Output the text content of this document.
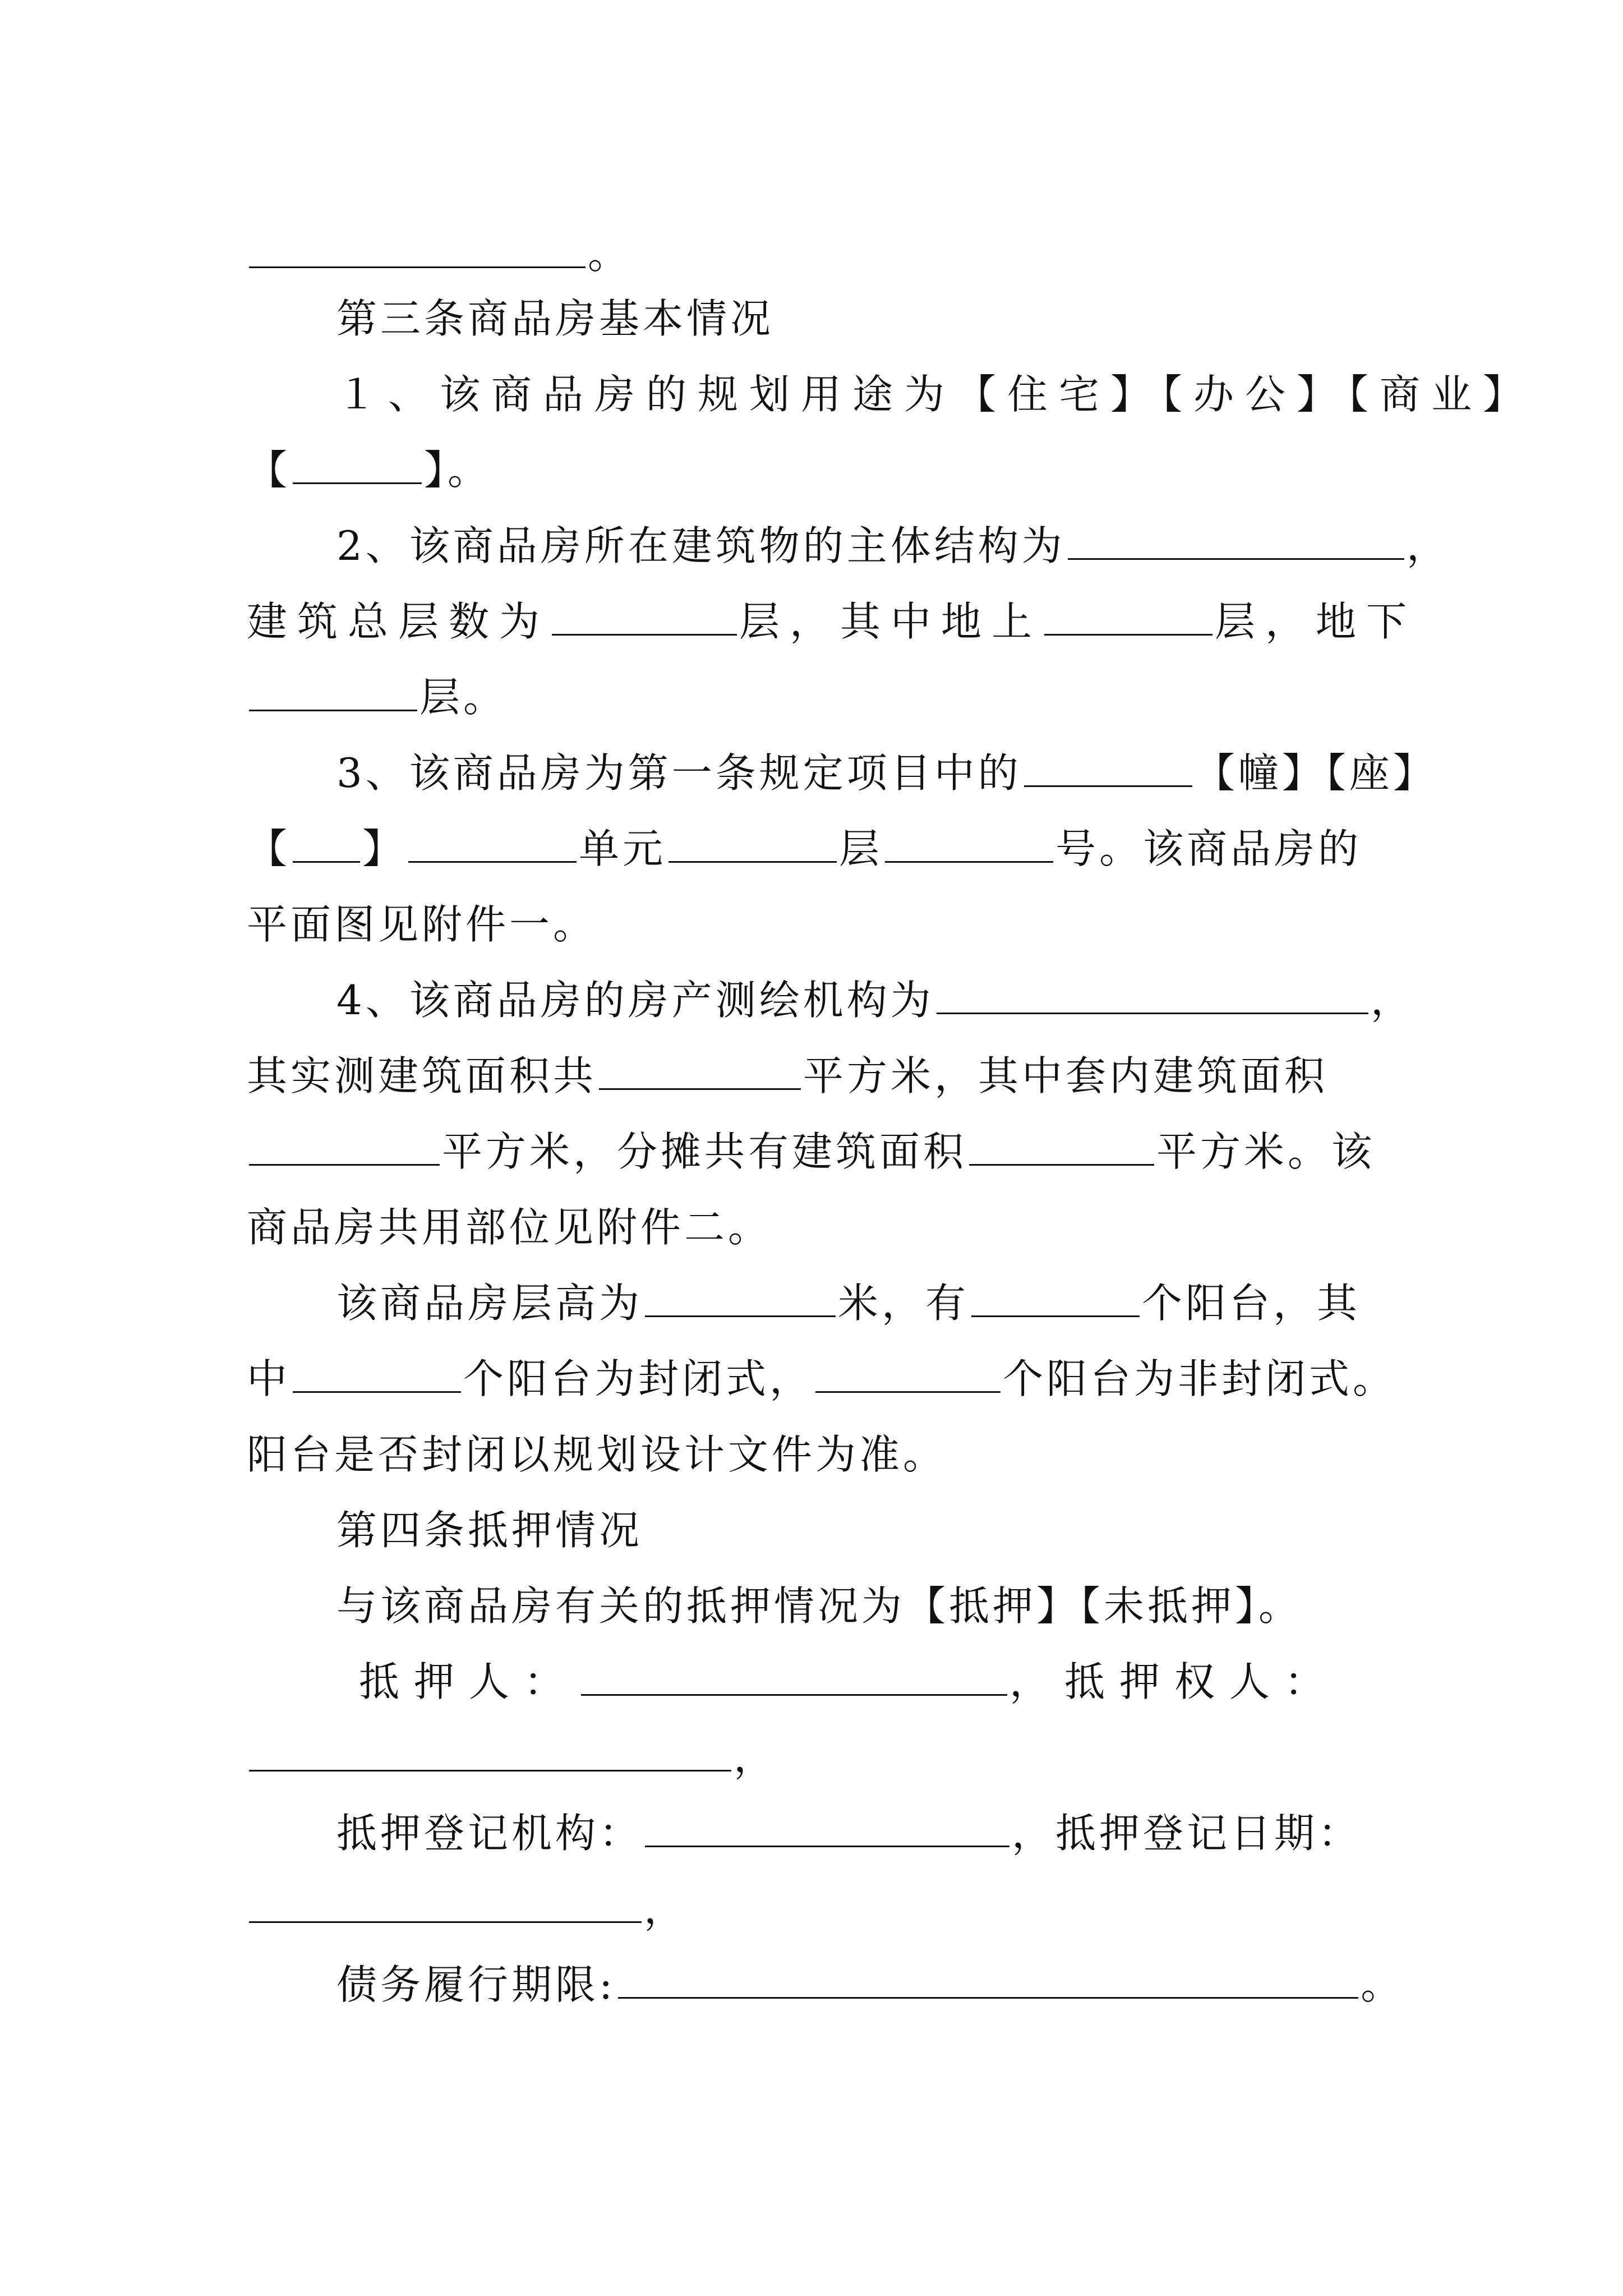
。
第三条商品房基本情况
１、该商品房的规划用途为【住宅】【办公】【商业】
【	】。
2、该商品房所在建筑物的主体结构为	，
建筑总层数为	层，其中地上	层，地下
层。
3、该商品房为第一条规定项目中的	【幢】【座】
【 】	单元	层	号。该商品房的
平面图见附件一。
4、该商品房的房产测绘机构为	，
其实测建筑面积共	平方米，其中套内建筑面积
平方米，分摊共有建筑面积	平方米。该
商品房共用部位见附件二。
该商品房层高为	米，有	个阳台，其
中	个阳台为封闭式，	个阳台为非封闭式。
阳台是否封闭以规划设计文件为准。
第四条抵押情况
与该商品房有关的抵押情况为【抵押】【未抵押】。
抵押人：	，抵押权人：
，
抵押登记机构：	，抵押登记日期：
，
债务履行期限:	。
